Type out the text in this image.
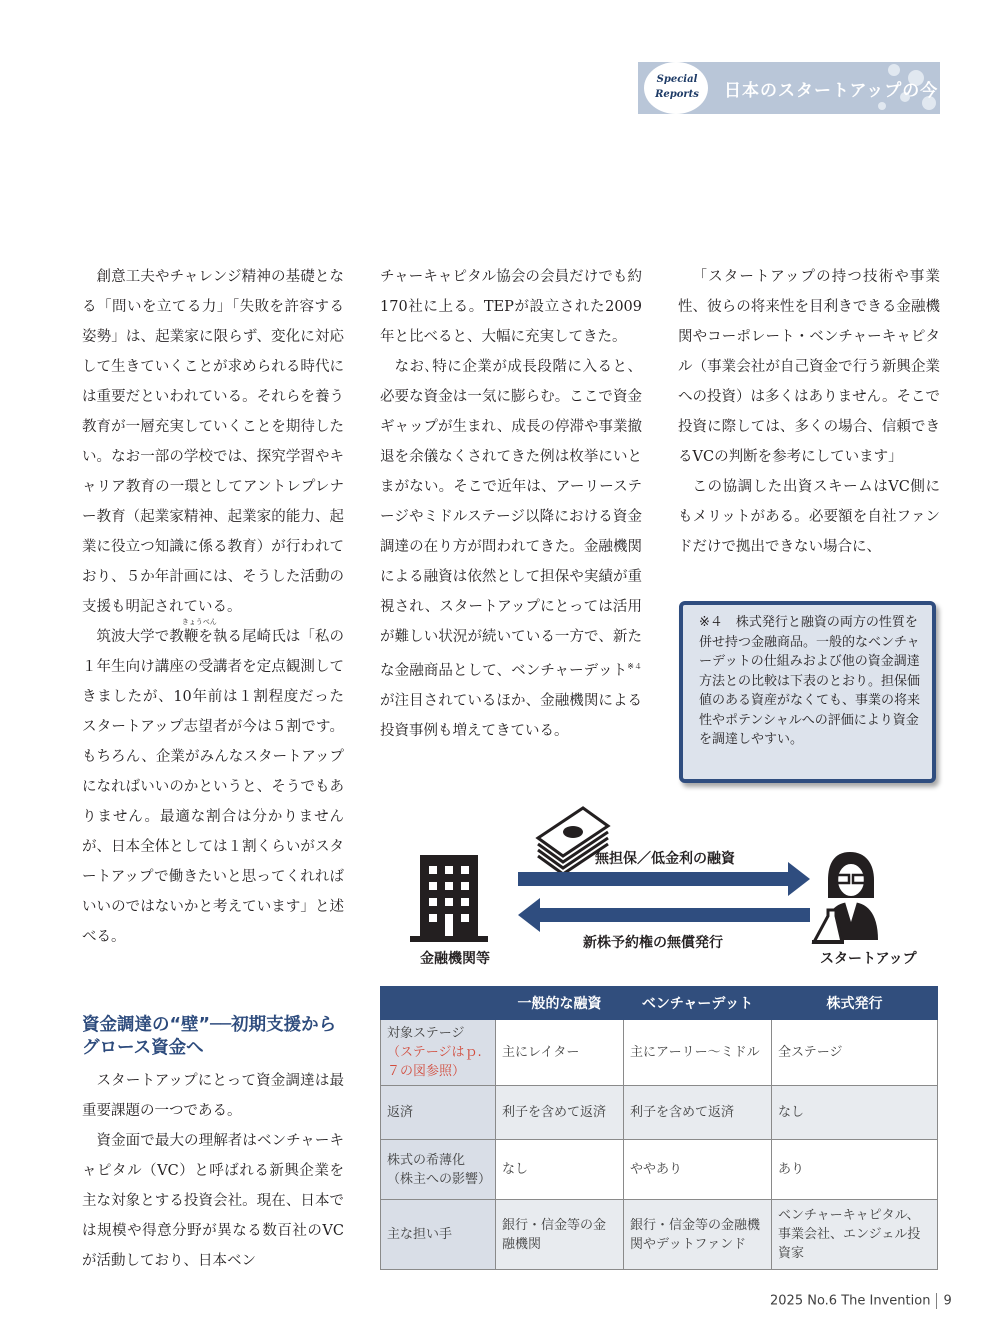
Special
Reports 日本のスタートアップの今

創意工夫やチャレンジ精神の基礎となる「問いを立てる力」「失敗を許容する姿勢」は、起業家に限らず、変化に対応して生きていくことが求められる時代には重要だといわれている。それらを養う教育が一層充実していくことを期待したい。なお一部の学校では、探究学習やキャリア教育の一環としてアントレプレナー教育（起業家精神、起業家的能力、起業に役立つ知識に係る教育）が行われており、５か年計画には、そうした活動の支援も明記されている。

筑波大学で
きょうべん
教鞭を執る尾崎氏は「私の１年生向け講座の受講者を定点観測してきましたが、10年前は１割程度だったスタートアップ志望者が今は５割です。もちろん、企業がみんなスタートアップになればいいのかというと、そうでもありません。最適な割合は分かりませんが、日本全体としては１割くらいがスタートアップで働きたいと思ってくれればいいのではないかと考えています」と述べる。

資金調達の“壁”──初期支援からグロース資金へ

スタートアップにとって資金調達は最重要課題の一つである。

資金面で最大の理解者はベンチャーキャピタル（VC）と呼ばれる新興企業を主な対象とする投資会社。現在、日本では規模や得意分野が異なる数百社のVCが活動しており、日本ベン

チャーキャピタル協会の会員だけでも約170社に上る。TEPが設立された2009年と比べると、大幅に充実してきた。

なお､特に企業が成長段階に入ると、必要な資金は一気に膨らむ。ここで資金ギャップが生まれ、成長の停滞や事業撤退を余儀なくされてきた例は枚挙にいとまがない。そこで近年は、アーリーステージやミドルステージ以降における資金調達の在り方が問われてきた。金融機関による融資は依然として担保や実績が重視され、スタートアップにとっては活用が難しい状況が続いている一方で、新たな金融商品として、ベンチャーデット$^{※4}$が注目されているほか、金融機関による投資事例も増えてきている。

「スタートアップの持つ技術や事業性、彼らの将来性を目利きできる金融機関やコーポレート・ベンチャーキャピタル（事業会社が自己資金で行う新興企業への投資）は多くはありません。そこで投資に際しては、多くの場合、信頼できるVCの判断を参考にしています」

この協調した出資スキームはVC側にもメリットがある。必要額を自社ファンドだけで拠出できない場合に、

※４　株式発行と融資の両方の性質を併せ持つ金融商品。一般的なベンチャーデットの仕組みおよび他の資金調達方法との比較は下表のとおり。担保価値のある資産がなくても、事業の将来性やポテンシャルへの評価により資金を調達しやすい。
無担保／低金利の融資
新株予約権の無償発行
金融機関等	スタートアップ
	一般的な融資	ベンチャーデット	株式発行

対象ステージ
（ステージはｐ.７の図参照）	主にレイター	主にアーリー～ミドル	全ステージ
返済	利子を含めて返済	利子を含めて返済	なし
株式の希薄化（株主への影響）	なし	ややあり	あり
主な担い手	銀行・信金等の金融機関	銀行・信金等の金融機関やデットファンド	ベンチャーキャピタル、事業会社、エンジェル投資家
2025 No.6 The Invention 9
